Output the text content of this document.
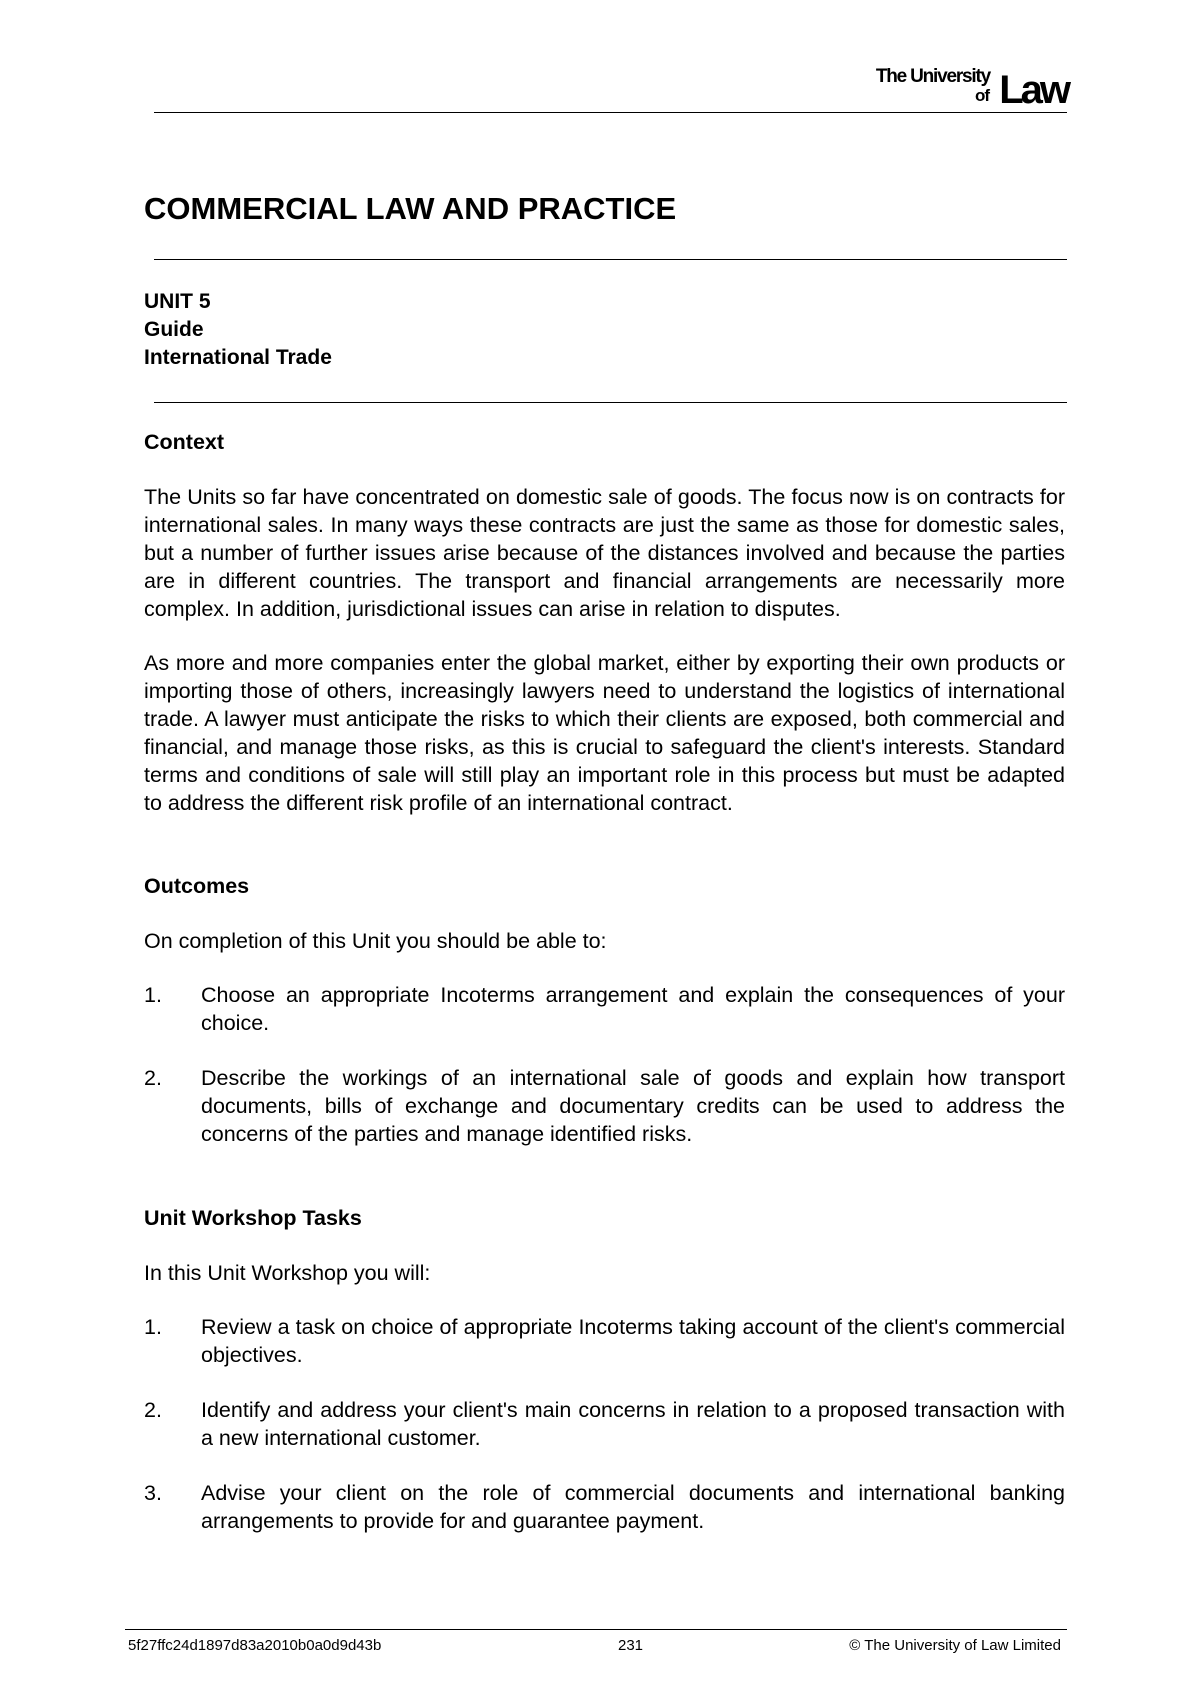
The University
of Law
COMMERCIAL LAW AND PRACTICE
UNIT 5
Guide
International Trade
Context
The Units so far have concentrated on domestic sale of goods. The focus now is on contracts for international sales. In many ways these contracts are just the same as those for domestic sales, but a number of further issues arise because of the distances involved and because the parties are in different countries. The transport and financial arrangements are necessarily more complex. In addition, jurisdictional issues can arise in relation to disputes.
As more and more companies enter the global market, either by exporting their own products or importing those of others, increasingly lawyers need to understand the logistics of international trade. A lawyer must anticipate the risks to which their clients are exposed, both commercial and financial, and manage those risks, as this is crucial to safeguard the client's interests. Standard terms and conditions of sale will still play an important role in this process but must be adapted to address the different risk profile of an international contract.
Outcomes
On completion of this Unit you should be able to:
1.	Choose an appropriate Incoterms arrangement and explain the consequences of your choice.
2.	Describe the workings of an international sale of goods and explain how transport documents, bills of exchange and documentary credits can be used to address the concerns of the parties and manage identified risks.
Unit Workshop Tasks
In this Unit Workshop you will:
1.	Review a task on choice of appropriate Incoterms taking account of the client's commercial objectives.
2.	Identify and address your client's main concerns in relation to a proposed transaction with a new international customer.
3.	Advise your client on the role of commercial documents and international banking arrangements to provide for and guarantee payment.
5f27ffc24d1897d83a2010b0a0d9d43b	231	© The University of Law Limited
